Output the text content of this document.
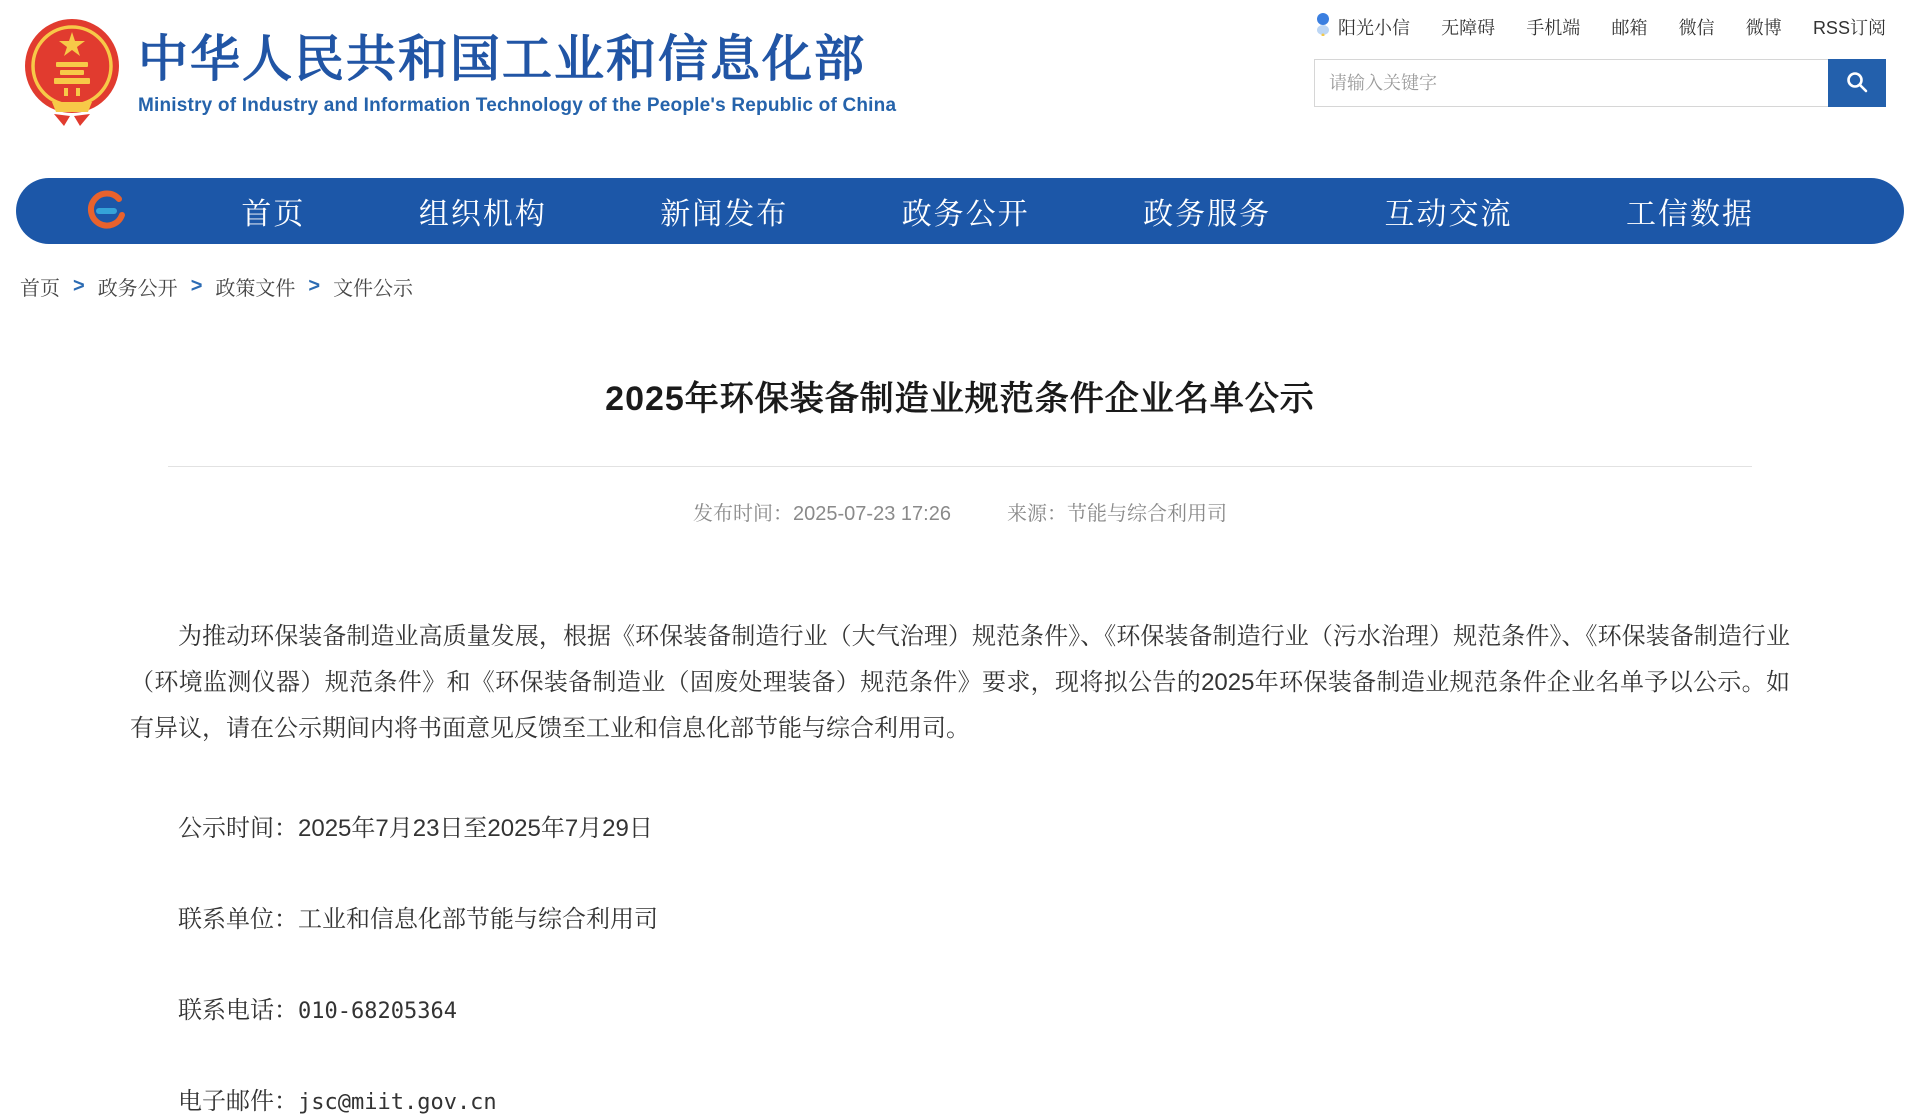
中华人民共和国工业和信息化部
Ministry of Industry and Information Technology of the People's Republic of China
阳光小信 无障碍 手机端 邮箱 微信 微博 RSS订阅
请输入关键字
首页	组织机构	新闻发布	政务公开	政务服务	互动交流	工信数据
首页 > 政务公开 > 政策文件 > 文件公示
2025年环保装备制造业规范条件企业名单公示
发布时间：2025-07-23 17:26	来源：节能与综合利用司

为推动环保装备制造业高质量发展，根据《环保装备制造行业（大气治理）规范条件》、《环保装备制造行业（污水治理）规范条件》、《环保装备制造行业（环境监测仪器）规范条件》和《环保装备制造业（固废处理装备）规范条件》要求，现将拟公告的2025年环保装备制造业规范条件企业名单予以公示。如有异议，请在公示期间内将书面意见反馈至工业和信息化部节能与综合利用司。

公示时间：2025年7月23日至2025年7月29日

联系单位：工业和信息化部节能与综合利用司

联系电话：010-68205364

电子邮件：jsc@miit.gov.cn
